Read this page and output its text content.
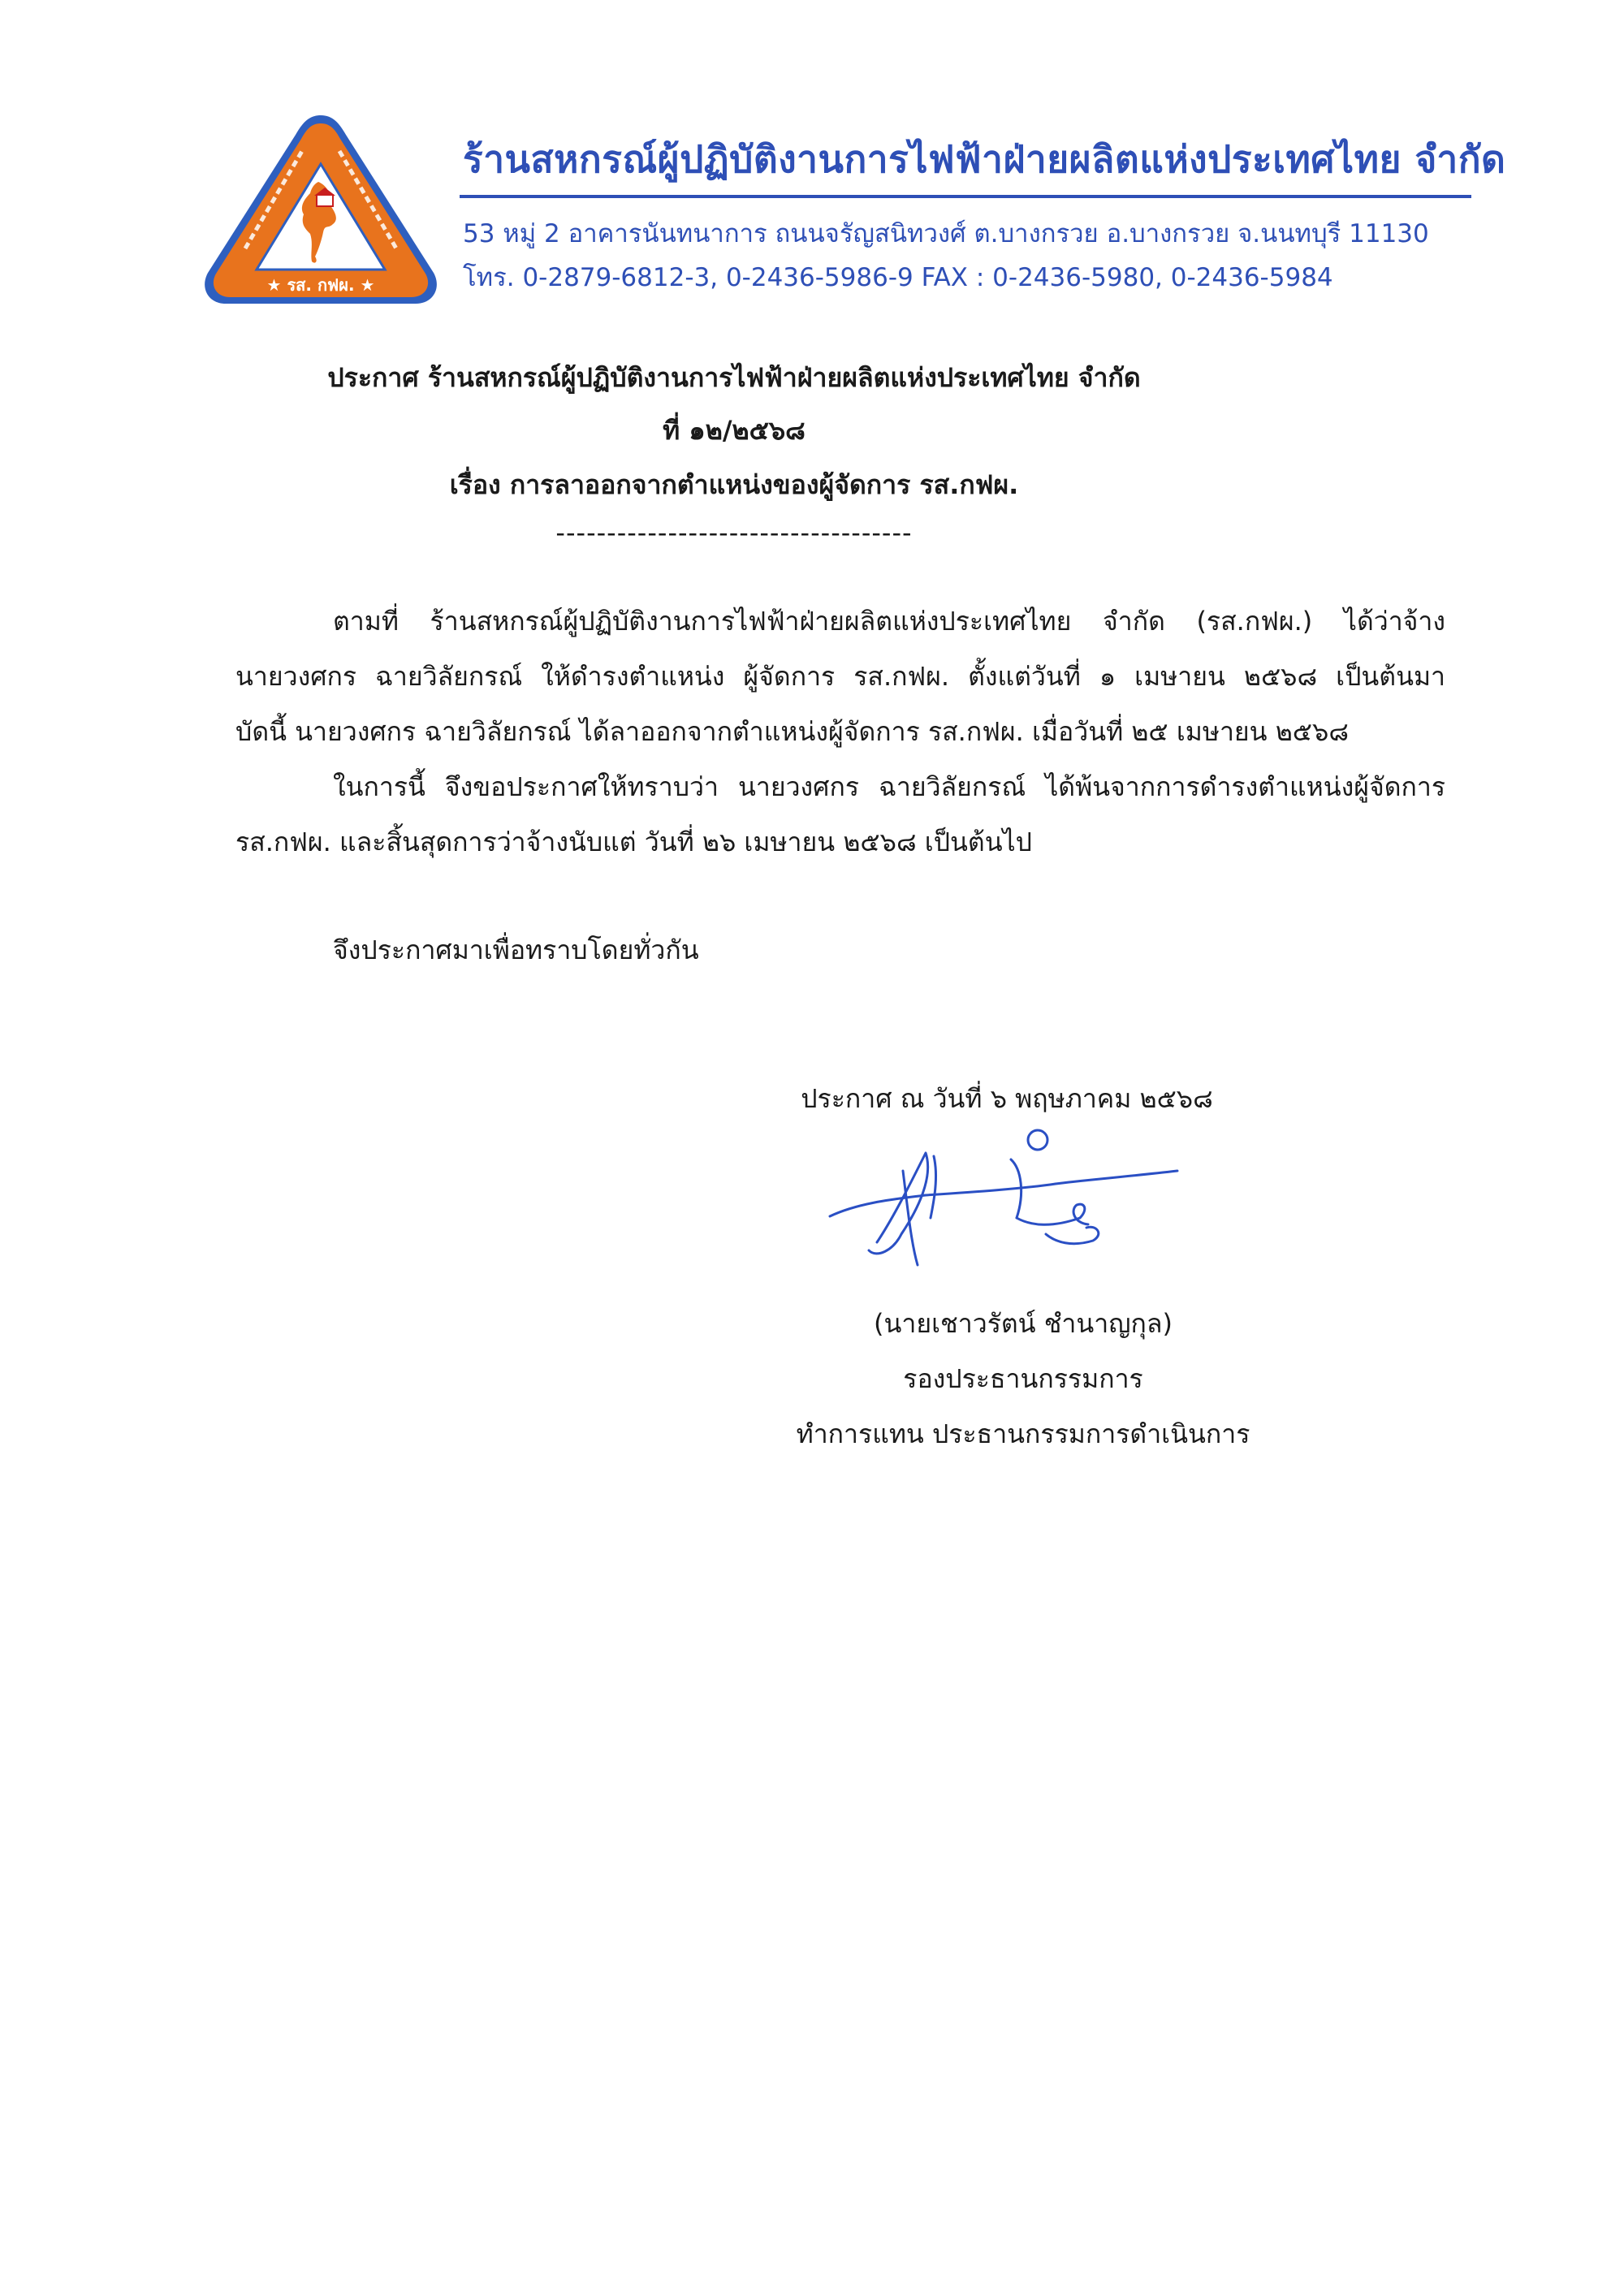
★ รส. กฟผ. ★
ร้านสหกรณ์ผู้ปฏิบัติงานการไฟฟ้าฝ่ายผลิตแห่งประเทศไทย จำกัด
53 หมู่ 2 อาคารนันทนาการ ถนนจรัญสนิทวงศ์ ต.บางกรวย อ.บางกรวย จ.นนทบุรี 11130
โทร. 0-2879-6812-3, 0-2436-5986-9 FAX : 0-2436-5980, 0-2436-5984
ประกาศ ร้านสหกรณ์ผู้ปฏิบัติงานการไฟฟ้าฝ่ายผลิตแห่งประเทศไทย จำกัด
ที่ ๑๒/๒๕๖๘
เรื่อง การลาออกจากตำแหน่งของผู้จัดการ รส.กฟผ.
-----------------------------------
ตามที่ ร้านสหกรณ์ผู้ปฏิบัติงานการไฟฟ้าฝ่ายผลิตแห่งประเทศไทย จำกัด (รส.กฟผ.) ได้ว่าจ้าง
นายวงศกร ฉายวิลัยกรณ์ ให้ดำรงตำแหน่ง ผู้จัดการ รส.กฟผ. ตั้งแต่วันที่ ๑ เมษายน ๒๕๖๘ เป็นต้นมา
บัดนี้ นายวงศกร ฉายวิลัยกรณ์ ได้ลาออกจากตำแหน่งผู้จัดการ รส.กฟผ. เมื่อวันที่ ๒๕ เมษายน ๒๕๖๘
ในการนี้ จึงขอประกาศให้ทราบว่า นายวงศกร ฉายวิลัยกรณ์ ได้พ้นจากการดำรงตำแหน่งผู้จัดการ
รส.กฟผ. และสิ้นสุดการว่าจ้างนับแต่ วันที่ ๒๖ เมษายน ๒๕๖๘ เป็นต้นไป
จึงประกาศมาเพื่อทราบโดยทั่วกัน
ประกาศ ณ วันที่ ๖ พฤษภาคม ๒๕๖๘
(นายเชาวรัตน์ ชำนาญกุล)
รองประธานกรรมการ
ทำการแทน ประธานกรรมการดำเนินการ
